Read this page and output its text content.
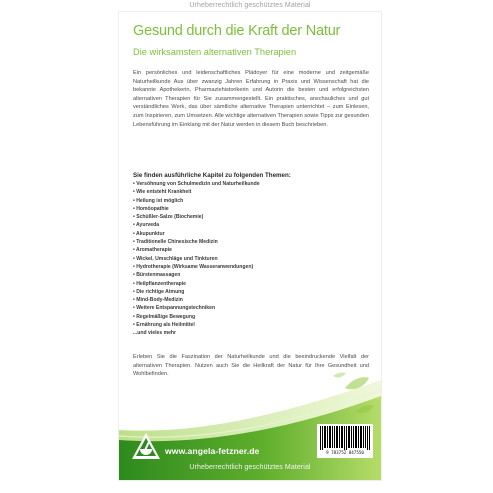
Urheberrechtlich geschütztes Material
Gesund durch die Kraft der Natur
Die wirksamsten alternativen Therapien
Ein persönliches und leidenschaftliches Plädoyer für eine moderne und zeitgemäße Naturheilkunde Aus über zwanzig Jahren Erfahrung in Praxis und Wissenschaft hat die bekannte Apothekerin, Pharmaziehistorikerin und Autorin die besten und erfolgreichsten alternativen Therapien für Sie zusammengestellt. Ein praktisches, anschauliches und gut verständliches Werk, das über sämtliche alternative Therapien unterrichtet – zum Einlesen, zum Inspirieren, zum Umsetzen. Alle wichtige alternativen Therapien sowie Tipps zur gesunden Lebensführung im Einklang mit der Natur werden in diesem Buch beschrieben.
Sie finden ausführliche Kapitel zu folgenden Themen:
• Versöhnung von Schulmedizin und Naturheilkunde
• Wie entsteht Krankheit
• Heilung ist möglich
• Homöopathie
• Schüßler-Salze (Biochemie)
• Ayurveda
• Akupunktur
• Traditionelle Chinesische Medizin
• Aromatherapie
• Wickel, Umschläge und Tinkturen
• Hydrotherapie (Wirksame Wasseranwendungen)
• Bürstenmassagen
• Heilpflanzentherapie
• Die richtige Atmung
• Mind-Body-Medizin
• Weitere Entspannungstechniken
• Regelmäßige Bewegung
• Ernährung als Heilmittel
...und vieles mehr
Erleben Sie die Faszination der Naturheilkunde und die beeindruckende Vielfalt der alternativen Therapien. Nutzen auch Sie die Heilkraft der Natur für Ihre Gesundheit und Wohlbefinden.
www.angela-fetzner.de	9 783752 847550
Urheberrechtlich geschütztes Material
